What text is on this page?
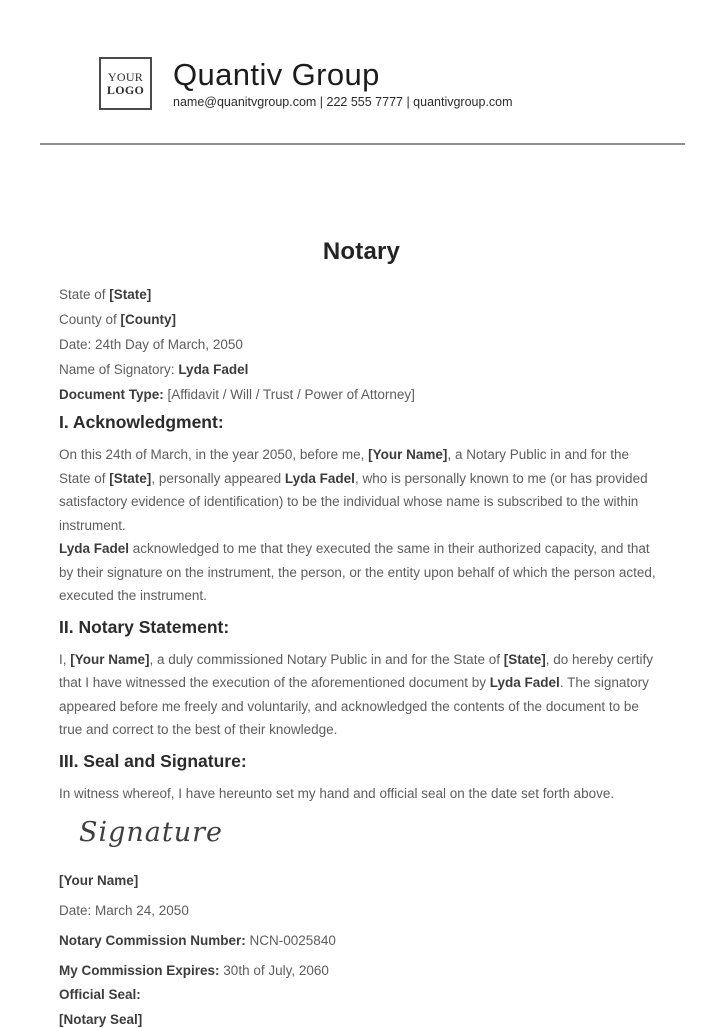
YOUR
LOGO Quantiv Group
name@quanitvgroup.com | 222 555 7777 | quantivgroup.com
Notary

State of [State]

County of [County]

Date: 24th Day of March, 2050

Name of Signatory: Lyda Fadel

Document Type: [Affidavit / Will / Trust / Power of Attorney]

I. Acknowledgment:

On this 24th of March, in the year 2050, before me, [Your Name], a Notary Public in and for the State of [State], personally appeared Lyda Fadel, who is personally known to me (or has provided satisfactory evidence of identification) to be the individual whose name is subscribed to the within instrument.

Lyda Fadel acknowledged to me that they executed the same in their authorized capacity, and that by their signature on the instrument, the person, or the entity upon behalf of which the person acted, executed the instrument.

II. Notary Statement:

I, [Your Name], a duly commissioned Notary Public in and for the State of [State], do hereby certify that I have witnessed the execution of the aforementioned document by Lyda Fadel. The signatory appeared before me freely and voluntarily, and acknowledged the contents of the document to be true and correct to the best of their knowledge.

III. Seal and Signature:

In witness whereof, I have hereunto set my hand and official seal on the date set forth above.

Signature

[Your Name]

Date: March 24, 2050

Notary Commission Number: NCN-0025840

My Commission Expires: 30th of July, 2060

Official Seal:

[Notary Seal]
